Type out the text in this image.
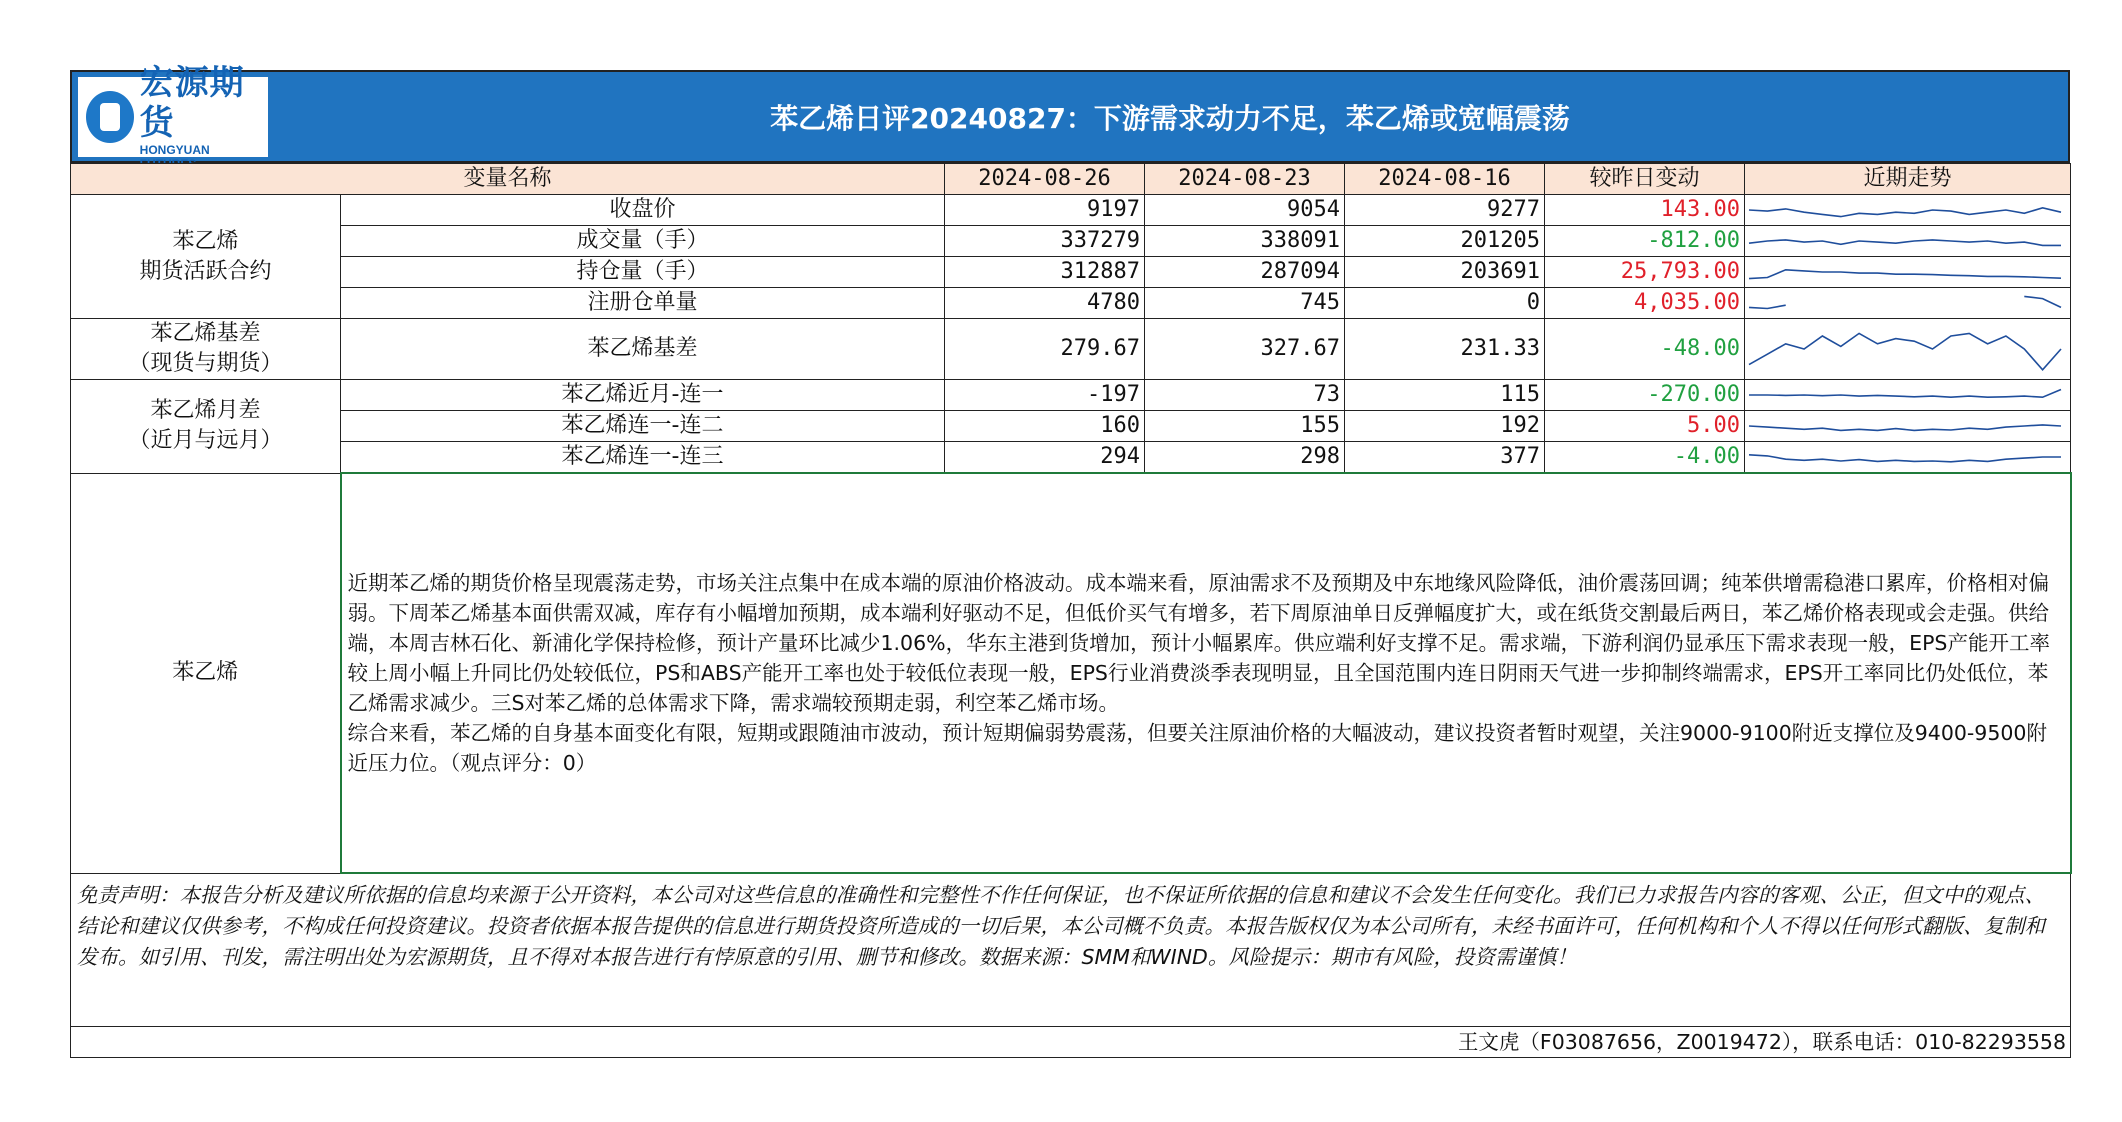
宏源期货
HONGYUAN
苯乙烯日评20240827：下游需求动力不足，苯乙烯或宽幅震荡
变量名称		2024-08-26	2024-08-23	2024-08-16	较昨日变动	近期走势
苯乙烯
期货活跃合约	收盘价	9197	9054	9277	143.00	

	成交量（手）	337279	338091	201205	-812.00	

	持仓量（手）	312887	287094	203691	25,793.00	

	注册仓单量	4780	745	0	4,035.00	

苯乙烯基差
（现货与期货）	苯乙烯基差	279.67	327.67	231.33	-48.00	

苯乙烯月差
（近月与远月）	苯乙烯近月-连一	-197	73	115	-270.00	

	苯乙烯连一-连二	160	155	192	5.00	

	苯乙烯连一-连三	294	298	377	-4.00	

苯乙烯	近期苯乙烯的期货价格呈现震荡走势，市场关注点集中在成本端的原油价格波动。成本端来看，原油需求不及预期及中东地缘风险降低，油价震荡回调；纯苯供增需稳港口累库，价格相对偏弱。下周苯乙烯基本面供需双减，库存有小幅增加预期，成本端利好驱动不足，但低价买气有增多，若下周原油单日反弹幅度扩大，或在纸货交割最后两日，苯乙烯价格表现或会走强。供给端，本周吉林石化、新浦化学保持检修，预计产量环比减少1.06%，华东主港到货增加，预计小幅累库。供应端利好支撑不足。需求端，下游利润仍显承压下需求表现一般，EPS产能开工率较上周小幅上升同比仍处较低位，PS和ABS产能开工率也处于较低位表现一般，EPS行业消费淡季表现明显，且全国范围内连日阴雨天气进一步抑制终端需求，EPS开工率同比仍处低位，苯乙烯需求减少。三S对苯乙烯的总体需求下降，需求端较预期走弱，利空苯乙烯市场。

综合来看，苯乙烯的自身基本面变化有限，短期或跟随油市波动，预计短期偏弱势震荡，但要关注原油价格的大幅波动，建议投资者暂时观望，关注9000-9100附近支撑位及9400-9500附近压力位。（观点评分：0）					

免责声明：本报告分析及建议所依据的信息均来源于公开资料，本公司对这些信息的准确性和完整性不作任何保证，也不保证所依据的信息和建议不会发生任何变化。我们已力求报告内容的客观、公正，但文中的观点、结论和建议仅供参考，不构成任何投资建议。投资者依据本报告提供的信息进行期货投资所造成的一切后果，本公司概不负责。本报告版权仅为本公司所有，未经书面许可，任何机构和个人不得以任何形式翻版、复制和发布。如引用、刊发，需注明出处为宏源期货，且不得对本报告进行有悖原意的引用、删节和修改。数据来源：SMM和WIND。风险提示：期市有风险，投资需谨慎！						
王文虎（F03087656，Z0019472），联系电话：010-82293558						
